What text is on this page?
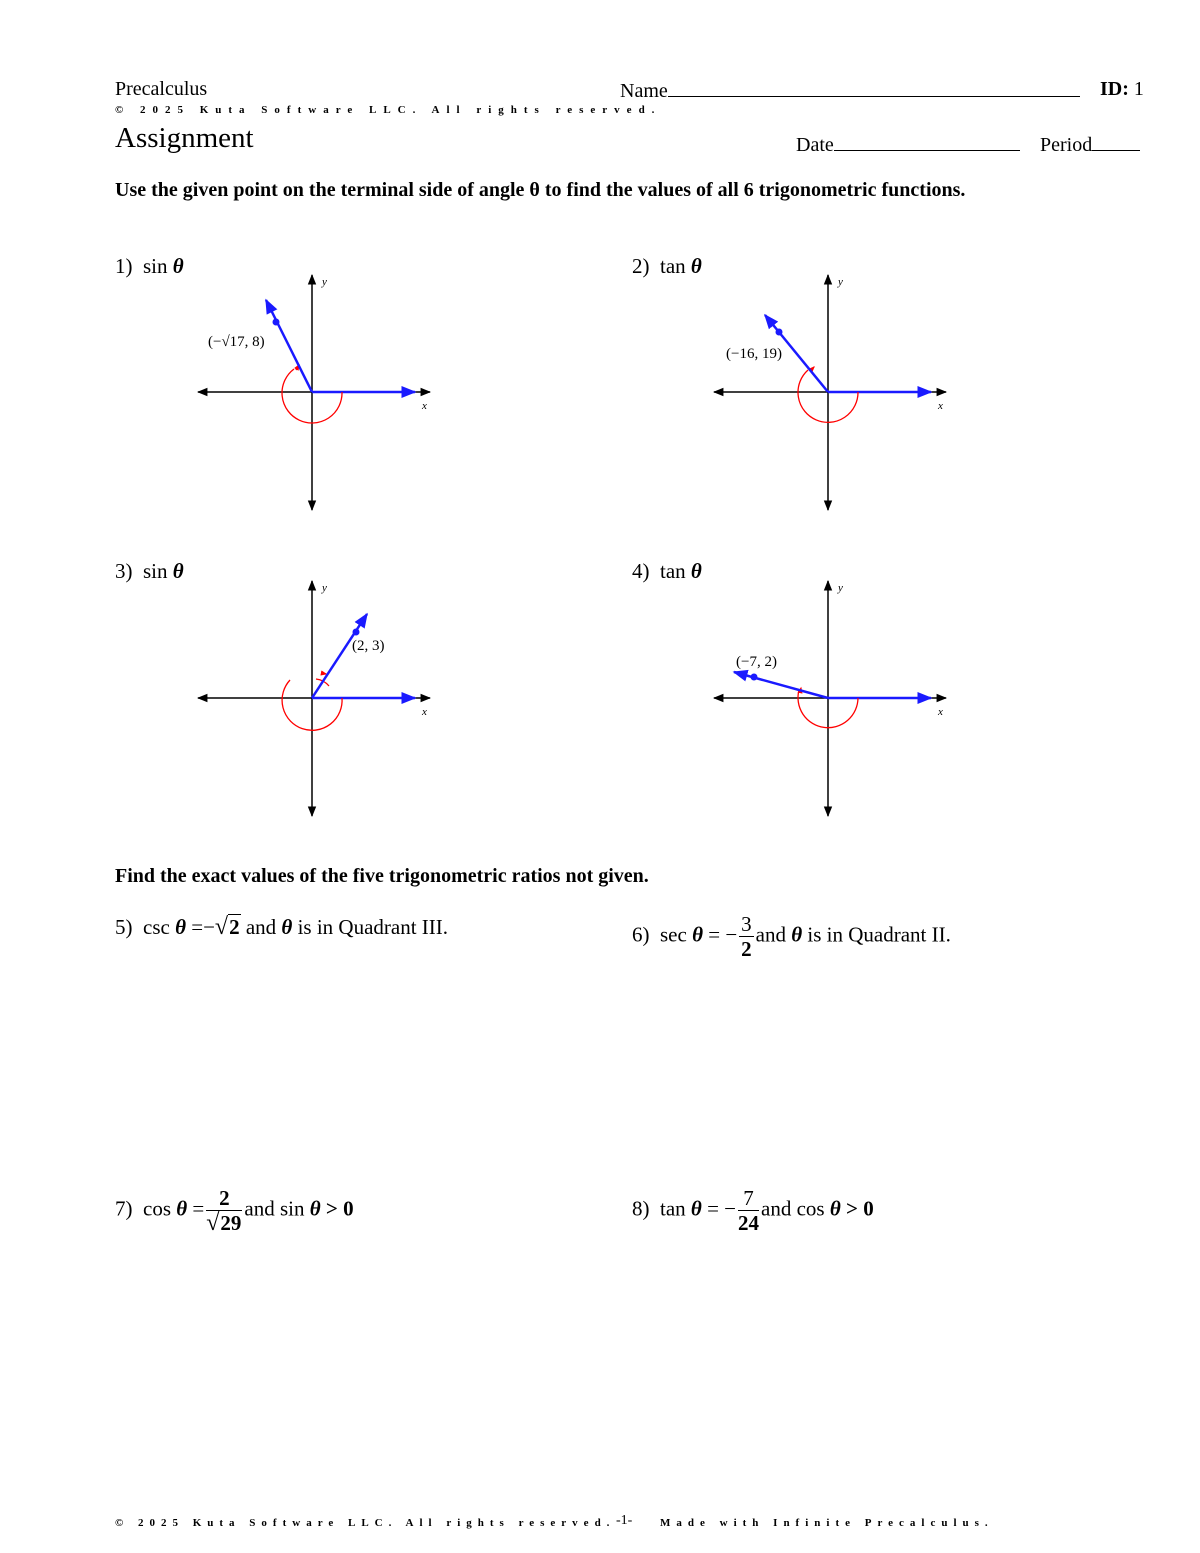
Precalculus	Name	ID: 1
© 2025 Kuta Software LLC. All rights reserved.
Assignment	Date	Period
Use the given point on the terminal side of angle θ to find the values of all 6 trigonometric functions.
1) sin θ	2) tan θ
3) sin θ	4) tan θ
x
y
(−√17, 8)
x
y
(−16, 19)
x
y
(2, 3)
x
y
(−7, 2)
Find the exact values of the five trigonometric ratios not given.
5) csc θ =−√2 and θ is in Quadrant III.	6) sec θ = − $\frac{3}{2}$ and θ is in Quadrant II.
7) $\cos \theta = \frac{2}{√29}$ and sin θ > 0	8) tan θ = − $\frac{7}{24}$ and cos θ > 0
© 2025 Kuta Software LLC. All rights reserved. -1-	Made with Infinite Precalculus.
